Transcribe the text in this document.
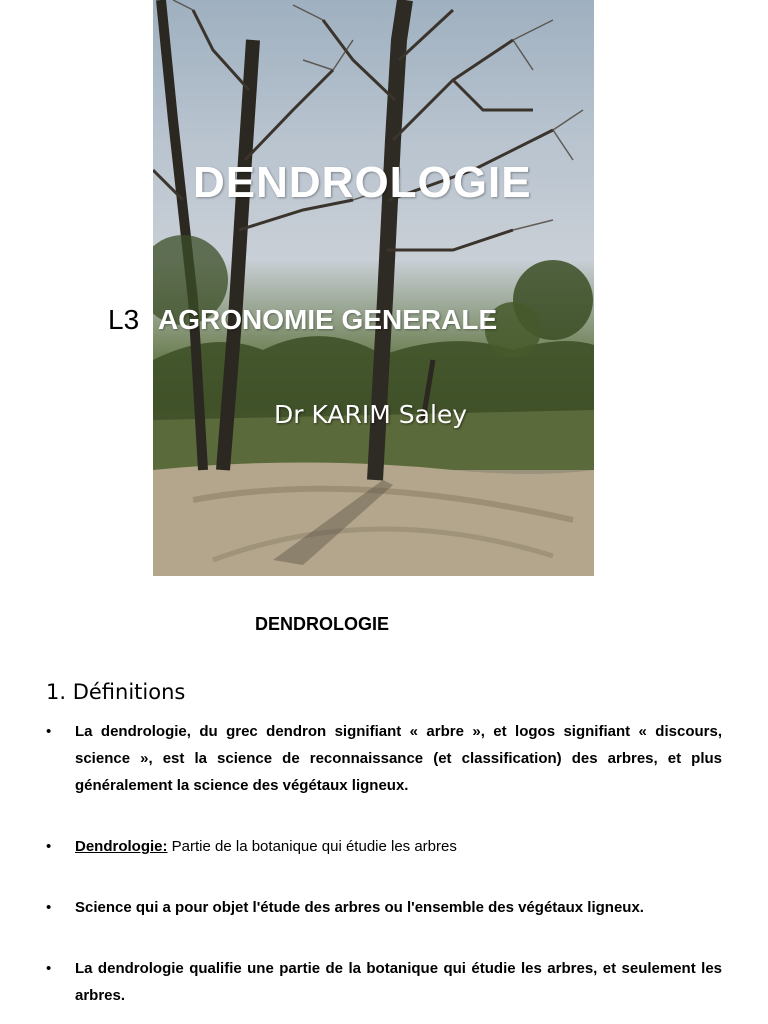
DENDROLOGIE
Dr KARIM Saley
L3 AGRONOMIE GENERALE
DENDROLOGIE
1. Définitions
• La dendrologie, du grec dendron signifiant « arbre », et logos signifiant « discours, science », est la science de reconnaissance (et classification) des arbres, et plus généralement la science des végétaux ligneux.
• Dendrologie: Partie de la botanique qui étudie les arbres
• Science qui a pour objet l'étude des arbres ou l'ensemble des végétaux ligneux.
• La dendrologie qualifie une partie de la botanique qui étudie les arbres, et seulement les arbres.
